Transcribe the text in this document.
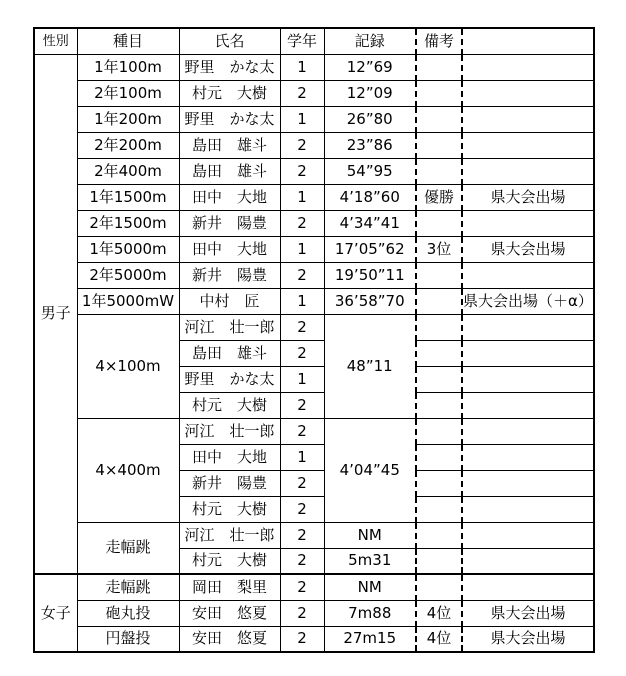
性別	種目	氏名	学年	記録	備考	
男子	1年100m	野里　かな太	1	12”69		
	2年100m	村元　大樹	2	12”09		
	1年200m	野里　かな太	1	26”80		
	2年200m	島田　雄斗	2	23”86		
	2年400m	島田　雄斗	2	54”95		
	1年1500m	田中　大地	1	4’18”60	優勝	県大会出場
	2年1500m	新井　陽豊	2	4’34”41		
	1年5000m	田中　大地	1	17’05”62	3位	県大会出場
	2年5000m	新井　陽豊	2	19’50”11		
	1年5000mW	中村　匠	1	36’58”70		県大会出場（＋α）
	4×100m	河江　壮一郎	2	48”11		
		島田　雄斗	2			
		野里　かな太	1			
		村元　大樹	2			
	4×400m	河江　壮一郎	2	4’04”45		
		田中　大地	1			
		新井　陽豊	2			
		村元　大樹	2			
	走幅跳	河江　壮一郎	2	NM		
		村元　大樹	2	5m31		
女子	走幅跳	岡田　梨里	2	NM		
	砲丸投	安田　悠夏	2	7m88	4位	県大会出場
	円盤投	安田　悠夏	2	27m15	4位	県大会出場
